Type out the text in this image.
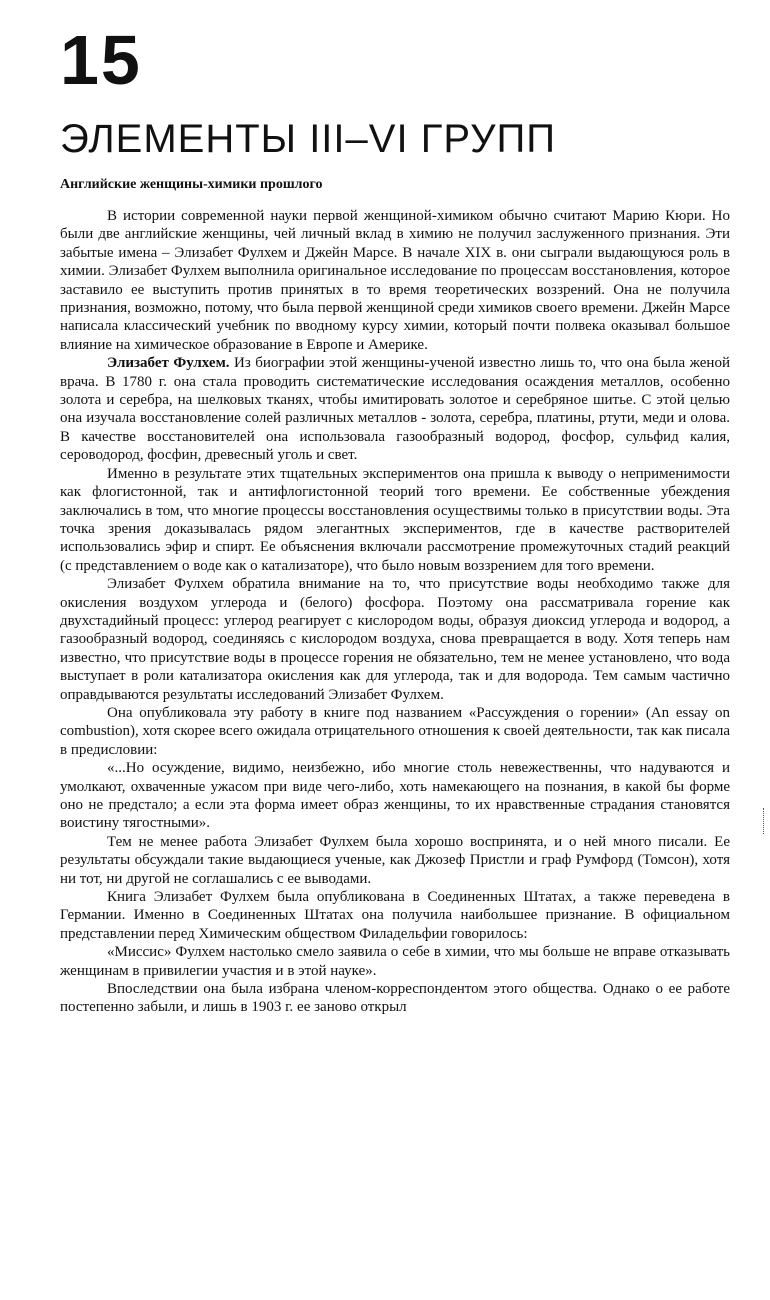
15
ЭЛЕМЕНТЫ III–VI ГРУПП
Английские женщины-химики прошлого

В истории современной науки первой женщиной-химиком обычно считают Марию Кюри. Но были две английские женщины, чей личный вклад в химию не получил заслуженного признания. Эти забытые имена – Элизабет Фулхем и Джейн Марсе. В начале XIX в. они сыграли выдающуюся роль в химии. Элизабет Фулхем выполнила оригинальное исследование по процессам восстановления, которое заставило ее выступить против принятых в то время теоретических воззрений. Она не получила признания, возможно, потому, что была первой женщиной среди химиков своего времени. Джейн Марсе написала классический учебник по вводному курсу химии, который почти полвека оказывал большое влияние на химическое образование в Европе и Америке.

Элизабет Фулхем. Из биографии этой женщины-ученой известно лишь то, что она была женой врача. В 1780 г. она стала проводить систематические исследования осаждения металлов, особенно золота и серебра, на шелковых тканях, чтобы имитировать золотое и серебряное шитье. С этой целью она изучала восстановление солей различных металлов - золота, серебра, платины, ртути, меди и олова. В качестве восстановителей она использовала газообразный водород, фосфор, сульфид калия, сероводород, фосфин, древесный уголь и свет.

Именно в результате этих тщательных экспериментов она пришла к выводу о неприменимости как флогистонной, так и антифлогистонной теорий того времени. Ее собственные убеждения заключались в том, что многие процессы восстановления осуществимы только в присутствии воды. Эта точка зрения доказывалась рядом элегантных экспериментов, где в качестве растворителей использовались эфир и спирт. Ее объяснения включали рассмотрение промежуточных стадий реакций (с представлением о воде как о катализаторе), что было новым воззрением для того времени.

Элизабет Фулхем обратила внимание на то, что присутствие воды необходимо также для окисления воздухом углерода и (белого) фосфора. Поэтому она рассматривала горение как двухстадийный процесс: углерод реагирует с кислородом воды, образуя диоксид углерода и водород, а газообразный водород, соединяясь с кислородом воздуха, снова превращается в воду. Хотя теперь нам известно, что присутствие воды в процессе горения не обязательно, тем не менее установлено, что вода выступает в роли катализатора окисления как для углерода, так и для водорода. Тем самым частично оправдываются результаты исследований Элизабет Фулхем.

Она опубликовала эту работу в книге под названием «Рассуждения о горении» (An essay on combustion), хотя скорее всего ожидала отрицательного отношения к своей деятельности, так как писала в предисловии:

«...Но осуждение, видимо, неизбежно, ибо многие столь невежественны, что надуваются и умолкают, охваченные ужасом при виде чего-либо, хоть намекающего на познания, в какой бы форме оно не предстало; а если эта форма имеет образ женщины, то их нравственные страдания становятся воистину тягостными».

Тем не менее работа Элизабет Фулхем была хорошо воспринята, и о ней много писали. Ее результаты обсуждали такие выдающиеся ученые, как Джозеф Пристли и граф Румфорд (Томсон), хотя ни тот, ни другой не соглашались с ее выводами.

Книга Элизабет Фулхем была опубликована в Соединенных Штатах, а также переведена в Германии. Именно в Соединенных Штатах она получила наибольшее признание. В официальном представлении перед Химическим обществом Филадельфии говорилось:

«Миссис» Фулхем настолько смело заявила о себе в химии, что мы больше не вправе отказывать женщинам в привилегии участия и в этой науке».

Впоследствии она была избрана членом-корреспондентом этого общества. Однако о ее работе постепенно забыли, и лишь в 1903 г. ее заново открыл
